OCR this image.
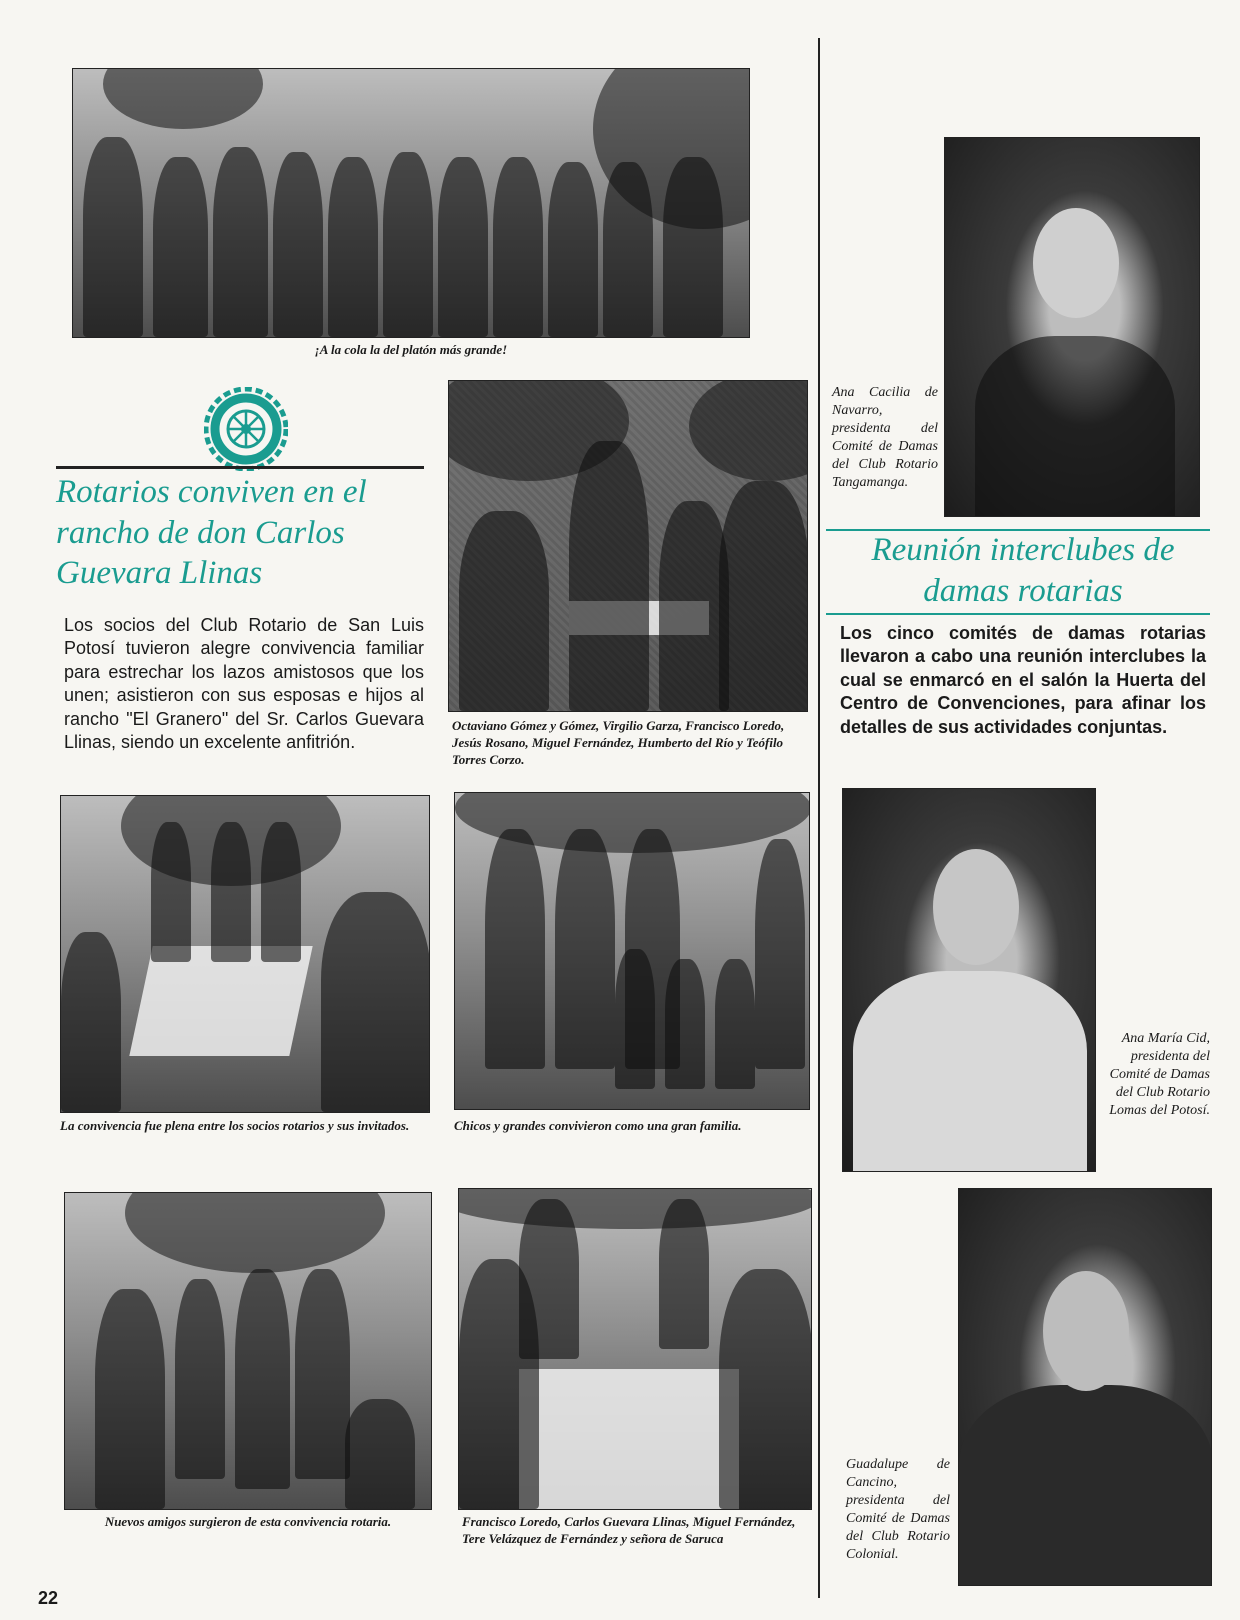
¡A la cola la del platón más grande!
Rotarios conviven en el rancho de don Carlos Guevara Llinas
Los socios del Club Rotario de San Luis Potosí tuvieron alegre convivencia familiar para estrechar los lazos amistosos que los unen; asistieron con sus esposas e hijos al rancho "El Granero" del Sr. Carlos Guevara Llinas, siendo un excelente anfitrión.
Octaviano Gómez y Gómez, Virgilio Garza, Francisco Loredo, Jesús Rosano, Miguel Fernández, Humberto del Río y Teófilo Torres Corzo.
La convivencia fue plena entre los socios rotarios y sus invitados.	Chicos y grandes convivieron como una gran familia.
Nuevos amigos surgieron de esta convivencia rotaria.	Francisco Loredo, Carlos Guevara Llinas, Miguel Fernández, Tere Velázquez de Fernández y señora de Saruca
Ana Cacilia de Navarro, presidenta del Comité de Damas del Club Rotario Tangamanga.
Reunión interclubes de damas rotarias
Los cinco comités de damas rotarias llevaron a cabo una reunión interclubes la cual se enmarcó en el salón la Huerta del Centro de Convenciones, para afinar los detalles de sus actividades conjuntas.
Ana María Cid, presidenta del Comité de Damas del Club Rotario Lomas del Potosí.
Guadalupe de Cancino, presidenta del Comité de Damas del Club Rotario Colonial.
22
